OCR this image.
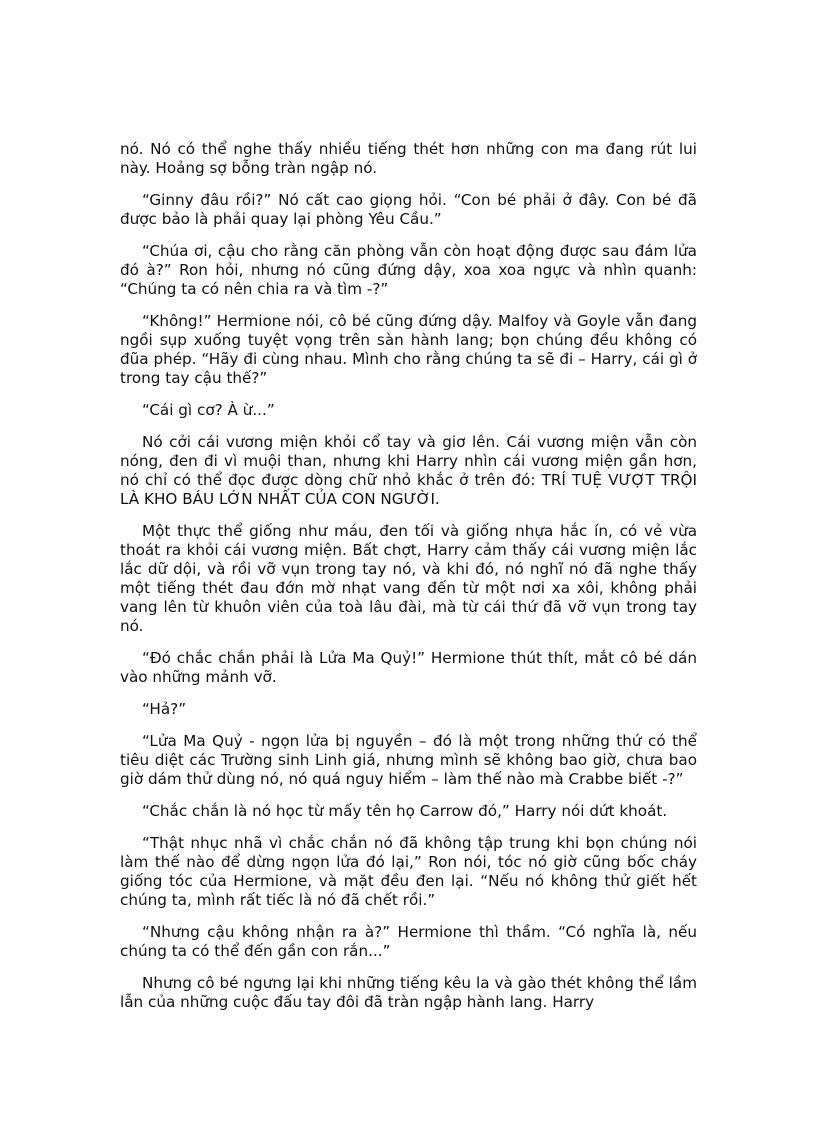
nó. Nó có thể nghe thấy nhiều tiếng thét hơn những con ma đang rút lui này. Hoảng sợ bỗng tràn ngập nó.

“Ginny đâu rồi?” Nó cất cao giọng hỏi. “Con bé phải ở đây. Con bé đã được bảo là phải quay lại phòng Yêu Cầu.”

“Chúa ơi, cậu cho rằng căn phòng vẫn còn hoạt động được sau đám lửa đó à?” Ron hỏi, nhưng nó cũng đứng dậy, xoa xoa ngực và nhìn quanh: “Chúng ta có nên chia ra và tìm -?”

“Không!” Hermione nói, cô bé cũng đứng dậy. Malfoy và Goyle vẫn đang ngồi sụp xuống tuyệt vọng trên sàn hành lang; bọn chúng đều không có đũa phép. “Hãy đi cùng nhau. Mình cho rằng chúng ta sẽ đi – Harry, cái gì ở trong tay cậu thế?”

“Cái gì cơ? À ừ...”

Nó cởi cái vương miện khỏi cổ tay và giơ lên. Cái vương miện vẫn còn nóng, đen đi vì muội than, nhưng khi Harry nhìn cái vương miện gần hơn, nó chỉ có thể đọc được dòng chữ nhỏ khắc ở trên đó: TRÍ TUỆ VƯỢT TRỘI LÀ KHO BÁU LỚN NHẤT CỦA CON NGƯỜI.

Một thực thể giống như máu, đen tối và giống nhựa hắc ín, có vẻ vừa thoát ra khỏi cái vương miện. Bất chợt, Harry cảm thấy cái vương miện lắc lắc dữ dội, và rồi vỡ vụn trong tay nó, và khi đó, nó nghĩ nó đã nghe thấy một tiếng thét đau đớn mờ nhạt vang đến từ một nơi xa xôi, không phải vang lên từ khuôn viên của toà lâu đài, mà từ cái thứ đã vỡ vụn trong tay nó.

“Đó chắc chắn phải là Lửa Ma Quỷ!” Hermione thút thít, mắt cô bé dán vào những mảnh vỡ.

“Hả?”

“Lửa Ma Quỷ - ngọn lửa bị nguyền – đó là một trong những thứ có thể tiêu diệt các Trường sinh Linh giá, nhưng mình sẽ không bao giờ, chưa bao giờ dám thử dùng nó, nó quá nguy hiểm – làm thế nào mà Crabbe biết -?”

“Chắc chắn là nó học từ mấy tên họ Carrow đó,” Harry nói dứt khoát.

“Thật nhục nhã vì chắc chắn nó đã không tập trung khi bọn chúng nói làm thế nào để dừng ngọn lửa đó lại,” Ron nói, tóc nó giờ cũng bốc cháy giống tóc của Hermione, và mặt đều đen lại. “Nếu nó không thử giết hết chúng ta, mình rất tiếc là nó đã chết rồi.”

“Nhưng cậu không nhận ra à?” Hermione thì thầm. “Có nghĩa là, nếu chúng ta có thể đến gần con rắn...”

Nhưng cô bé ngưng lại khi những tiếng kêu la và gào thét không thể lầm lẫn của những cuộc đấu tay đôi đã tràn ngập hành lang. Harry
